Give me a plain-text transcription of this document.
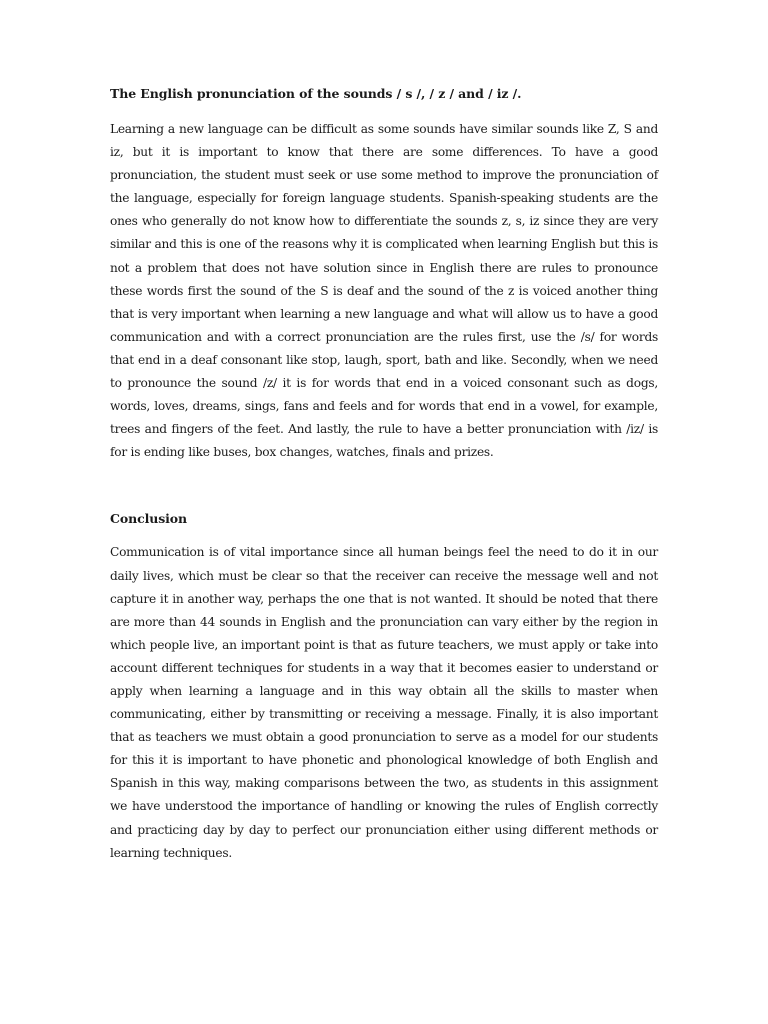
The English pronunciation of the sounds / s /, / z / and / iz /.

Learning a new language can be difficult as some sounds have similar sounds like Z, S and iz, but it is important to know that there are some differences. To have a good pronunciation, the student must seek or use some method to improve the pronunciation of the language, especially for foreign language students. Spanish-speaking students are the ones who generally do not know how to differentiate the sounds z, s, iz since they are very similar and this is one of the reasons why it is complicated when learning English but this is not a problem that does not have solution since in English there are rules to pronounce these words first the sound of the S is deaf and the sound of the z is voiced another thing that is very important when learning a new language and what will allow us to have a good communication and with a correct pronunciation are the rules first, use the /s/ for words that end in a deaf consonant like stop, laugh, sport, bath and like. Secondly, when we need to pronounce the sound /z/ it is for words that end in a voiced consonant such as dogs, words, loves, dreams, sings, fans and feels and for words that end in a vowel, for example, trees and fingers of the feet. And lastly, the rule to have a better pronunciation with /iz/ is for is ending like buses, box changes, watches, finals and prizes.

Conclusion

Communication is of vital importance since all human beings feel the need to do it in our daily lives, which must be clear so that the receiver can receive the message well and not capture it in another way, perhaps the one that is not wanted. It should be noted that there are more than 44 sounds in English and the pronunciation can vary either by the region in which people live, an important point is that as future teachers, we must apply or take into account different techniques for students in a way that it becomes easier to understand or apply when learning a language and in this way obtain all the skills to master when communicating, either by transmitting or receiving a message. Finally, it is also important that as teachers we must obtain a good pronunciation to serve as a model for our students for this it is important to have phonetic and phonological knowledge of both English and Spanish in this way, making comparisons between the two, as students in this assignment we have understood the importance of handling or knowing the rules of English correctly and practicing day by day to perfect our pronunciation either using different methods or learning techniques.
